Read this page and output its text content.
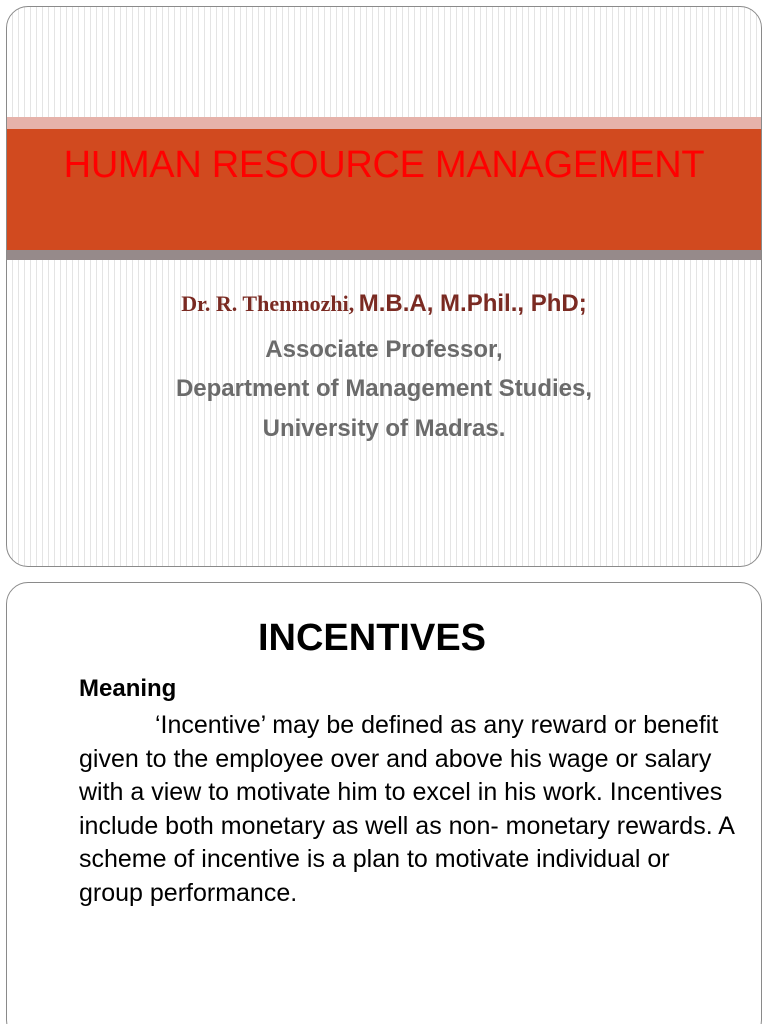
HUMAN RESOURCE MANAGEMENT

Dr. R. Thenmozhi, M.B.A, M.Phil., PhD;

Associate Professor,

Department of Management Studies,

University of Madras.

INCENTIVES
Meaning

‘Incentive’ may be defined as any reward or benefit given to the employee over and above his wage or salary with a view to motivate him to excel in his work. Incentives include both monetary as well as non- monetary rewards. A scheme of incentive is a plan to motivate individual or group performance.
